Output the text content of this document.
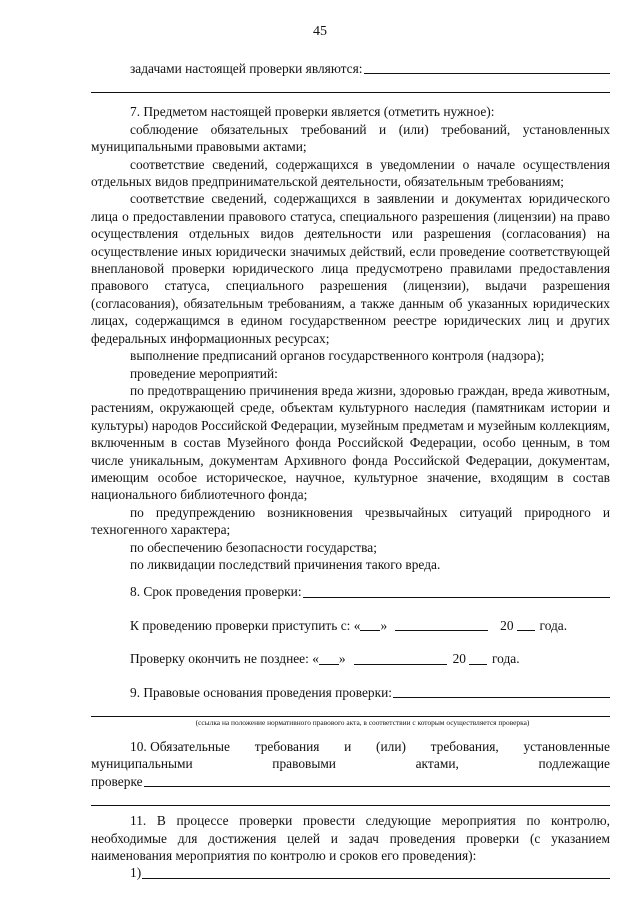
45
задачами настоящей проверки являются:

7. Предметом настоящей проверки является (отметить нужное):

соблюдение обязательных требований и (или) требований, установленных муниципальными правовыми актами;

соответствие сведений, содержащихся в уведомлении о начале осуществления отдельных видов предпринимательской деятельности, обязательным требованиям;

соответствие сведений, содержащихся в заявлении и документах юридического лица о предоставлении правового статуса, специального разрешения (лицензии) на право осуществления отдельных видов деятельности или разрешения (согласования) на осуществление иных юридически значимых действий, если проведение соответствующей внеплановой проверки юридического лица предусмотрено правилами предоставления правового статуса, специального разрешения (лицензии), выдачи разрешения (согласования), обязательным требованиям, а также данным об указанных юридических лицах, содержащимся в едином государственном реестре юридических лиц и других федеральных информационных ресурсах;

выполнение предписаний органов государственного контроля (надзора);

проведение мероприятий:

по предотвращению причинения вреда жизни, здоровью граждан, вреда животным, растениям, окружающей среде, объектам культурного наследия (памятникам истории и культуры) народов Российской Федерации, музейным предметам и музейным коллекциям, включенным в состав Музейного фонда Российской Федерации, особо ценным, в том числе уникальным, документам Архивного фонда Российской Федерации, документам, имеющим особое историческое, научное, культурное значение, входящим в состав национального библиотечного фонда;

по предупреждению возникновения чрезвычайных ситуаций природного и техногенного характера;

по обеспечению безопасности государства;

по ликвидации последствий причинения такого вреда.

8. Срок проведения проверки:
К проведению проверки приступить с: « »	20 года.
Проверку окончить не позднее: « »	20 года.
9. Правовые основания проведения проверки:
(ссылка на положение нормативного правового акта, в соответствии с которым осуществляется проверка)
10. Обязательные требования и (или) требования, установленные
муниципальными	правовыми	актами,	подлежащие
проверке

11. В процессе проверки провести следующие мероприятия по контролю, необходимые для достижения целей и задач проведения проверки (с указанием наименования мероприятия по контролю и сроков его проведения):

1)
